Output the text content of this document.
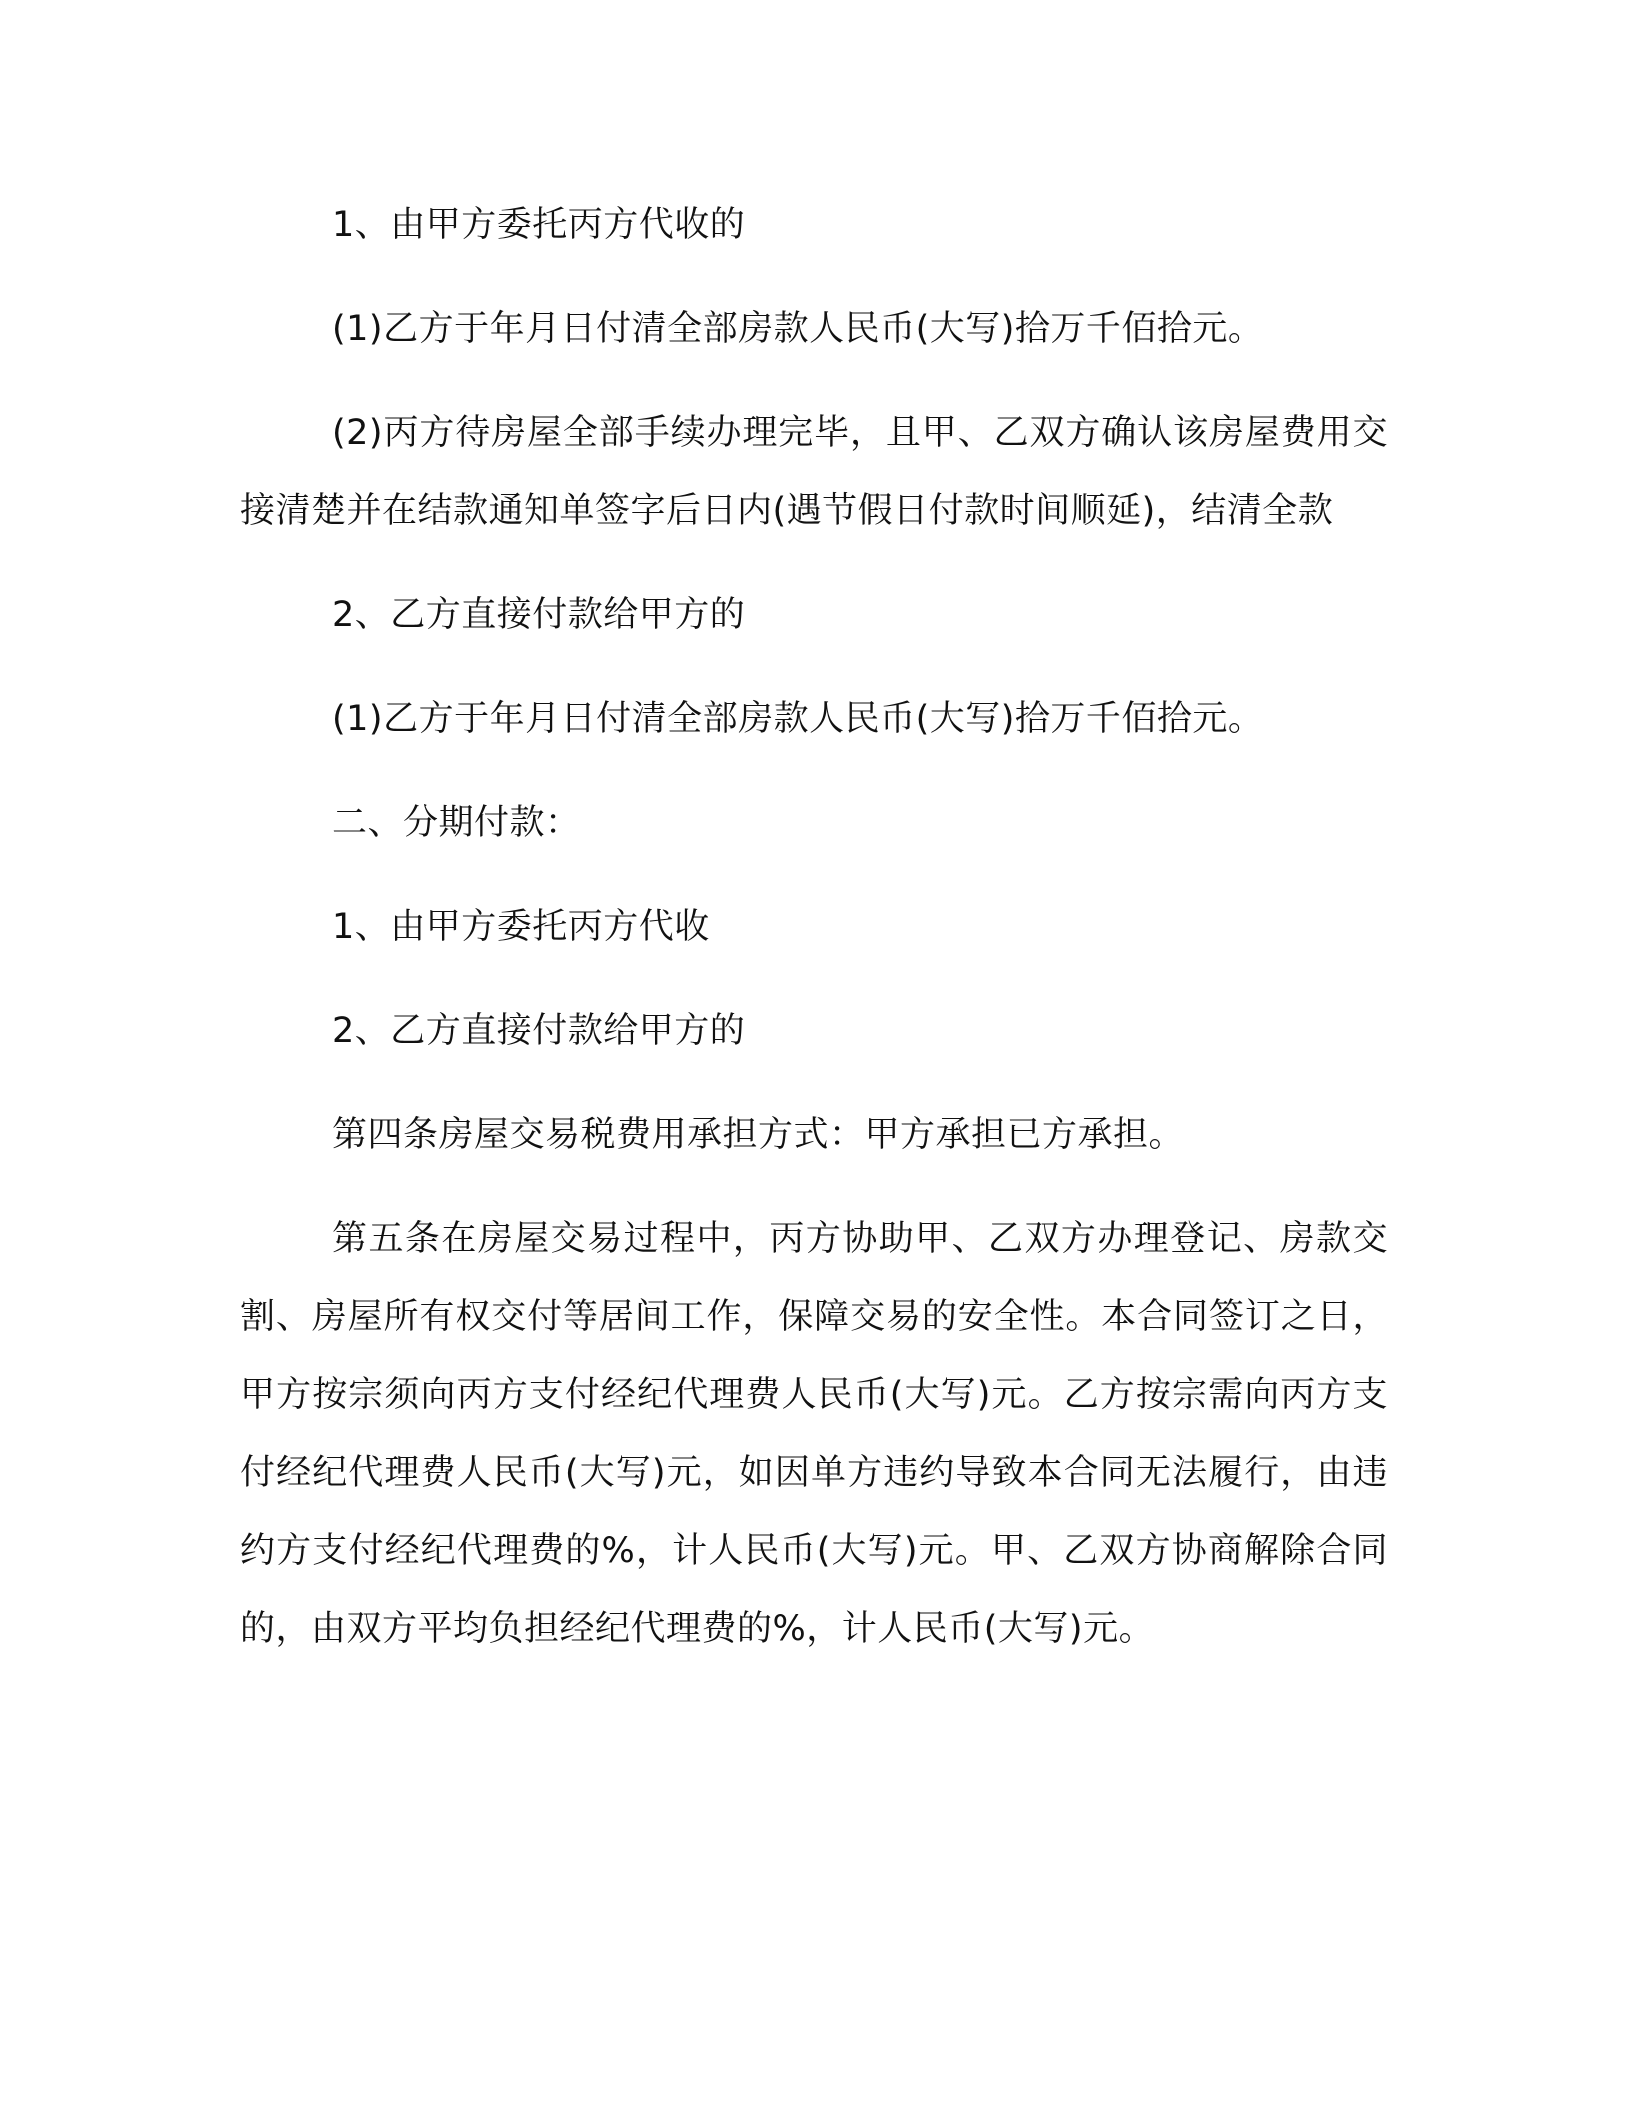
1、由甲方委托丙方代收的

(1)乙方于年月日付清全部房款人民币(大写)拾万千佰拾元。

(2)丙方待房屋全部手续办理完毕，且甲、乙双方确认该房屋费用交接清楚并在结款通知单签字后日内(遇节假日付款时间顺延)，结清全款

2、乙方直接付款给甲方的

(1)乙方于年月日付清全部房款人民币(大写)拾万千佰拾元。

二、分期付款：

1、由甲方委托丙方代收

2、乙方直接付款给甲方的

第四条房屋交易税费用承担方式：甲方承担已方承担。

第五条在房屋交易过程中，丙方协助甲、乙双方办理登记、房款交割、房屋所有权交付等居间工作，保障交易的安全性。本合同签订之日，甲方按宗须向丙方支付经纪代理费人民币(大写)元。乙方按宗需向丙方支付经纪代理费人民币(大写)元，如因单方违约导致本合同无法履行，由违约方支付经纪代理费的%，计人民币(大写)元。甲、乙双方协商解除合同的，由双方平均负担经纪代理费的%，计人民币(大写)元。
